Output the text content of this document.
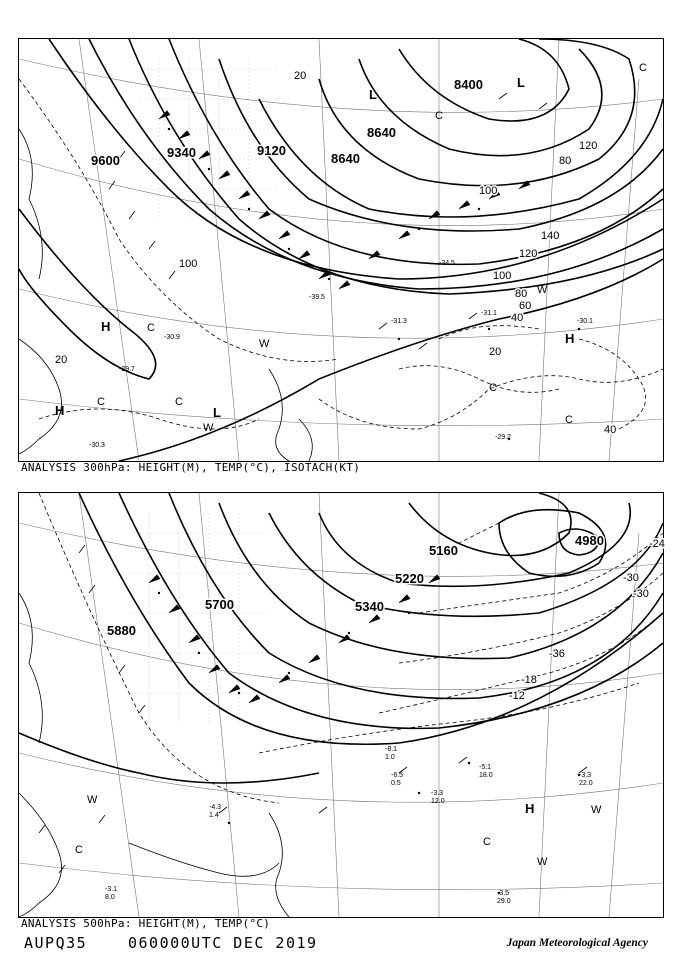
9600
9340	9120
8640
8400
8640
20
100
140
120
100
80
60
40
20
20
40
100
80
120
-30.9
-34.5
-39.5
-31.3
-31.1
-29.7
-30.1
-29.2
-30.3
H	C
C	C
L
W
H
W
L
C
H
C
C
W
L
C
ANALYSIS 300hPa: HEIGHT(M), TEMP(°C), ISOTACH(KT)
5160
4980
5220
5340
5700
5880
-24
-30
-36
-18
-12
-30
-3.3
22.0
-5.1
18.0
-3.3
12.0
-3.5
29.0
-4.3
1.4
-3.1
8.0
-6.5
0.5
-8.1
1.0
H	W
C
W
W
C
ANALYSIS 500hPa: HEIGHT(M), TEMP(°C)
AUPQ35	060000UTC DEC 2019	Japan Meteorological Agency
